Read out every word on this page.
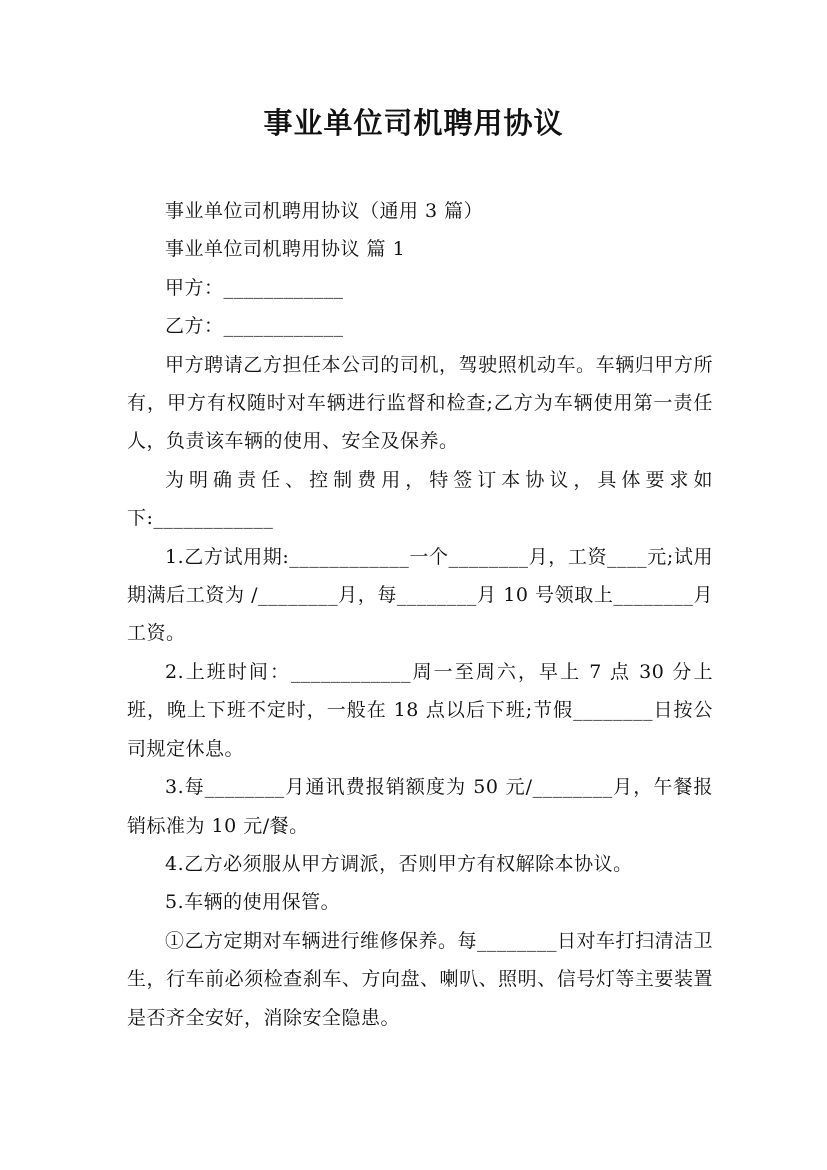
事业单位司机聘用协议

事业单位司机聘用协议（通用 3 篇）

事业单位司机聘用协议 篇 1

甲方：____________

乙方：____________

甲方聘请乙方担任本公司的司机，驾驶照机动车。车辆归甲方所有，甲方有权随时对车辆进行监督和检查;乙方为车辆使用第一责任人，负责该车辆的使用、安全及保养。

为明确责任、控制费用，特签订本协议，具体要求如下:____________

1.乙方试用期:____________一个________月，工资____元;试用期满后工资为 /________月，每________月 10 号领取上________月工资。

2.上班时间：____________周一至周六，早上 7 点 30 分上班，晚上下班不定时，一般在 18 点以后下班;节假________日按公司规定休息。

3.每________月通讯费报销额度为 50 元/________月，午餐报销标准为 10 元/餐。

4.乙方必须服从甲方调派，否则甲方有权解除本协议。

5.车辆的使用保管。

①乙方定期对车辆进行维修保养。每________日对车打扫清洁卫生，行车前必须检查刹车、方向盘、喇叭、照明、信号灯等主要装置是否齐全安好，消除安全隐患。
